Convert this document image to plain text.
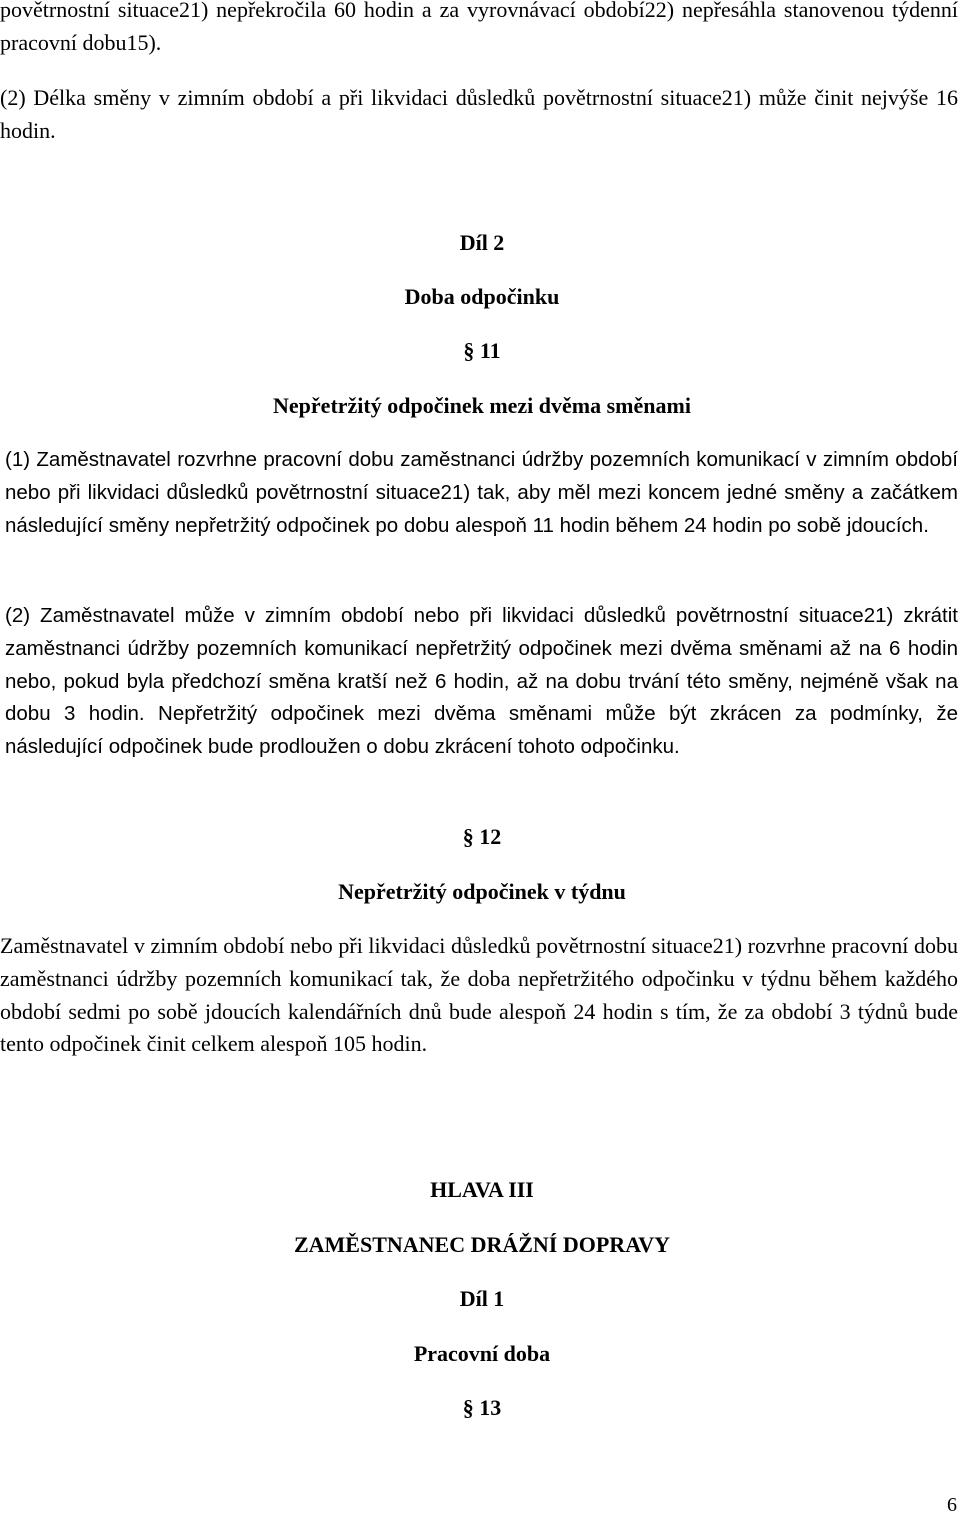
povětrnostní situace21) nepřekročila 60 hodin a za vyrovnávací období22) nepřesáhla stanovenou týdenní pracovní dobu15).

(2) Délka směny v zimním období a při likvidaci důsledků povětrnostní situace21) může činit nejvýše 16 hodin.

Díl 2
Doba odpočinku
§ 11
Nepřetržitý odpočinek mezi dvěma směnami

(1) Zaměstnavatel rozvrhne pracovní dobu zaměstnanci údržby pozemních komunikací v zimním období nebo při likvidaci důsledků povětrnostní situace21) tak, aby měl mezi koncem jedné směny a začátkem následující směny nepřetržitý odpočinek po dobu alespoň 11 hodin během 24 hodin po sobě jdoucích.

(2) Zaměstnavatel může v zimním období nebo při likvidaci důsledků povětrnostní situace21) zkrátit zaměstnanci údržby pozemních komunikací nepřetržitý odpočinek mezi dvěma směnami až na 6 hodin nebo, pokud byla předchozí směna kratší než 6 hodin, až na dobu trvání této směny, nejméně však na dobu 3 hodin. Nepřetržitý odpočinek mezi dvěma směnami může být zkrácen za podmínky, že následující odpočinek bude prodloužen o dobu zkrácení tohoto odpočinku.

§ 12
Nepřetržitý odpočinek v týdnu

Zaměstnavatel v zimním období nebo při likvidaci důsledků povětrnostní situace21) rozvrhne pracovní dobu zaměstnanci údržby pozemních komunikací tak, že doba nepřetržitého odpočinku v týdnu během každého období sedmi po sobě jdoucích kalendářních dnů bude alespoň 24 hodin s tím, že za období 3 týdnů bude tento odpočinek činit celkem alespoň 105 hodin.

HLAVA III
ZAMĚSTNANEC DRÁŽNÍ DOPRAVY
Díl 1
Pracovní doba
§ 13
6
